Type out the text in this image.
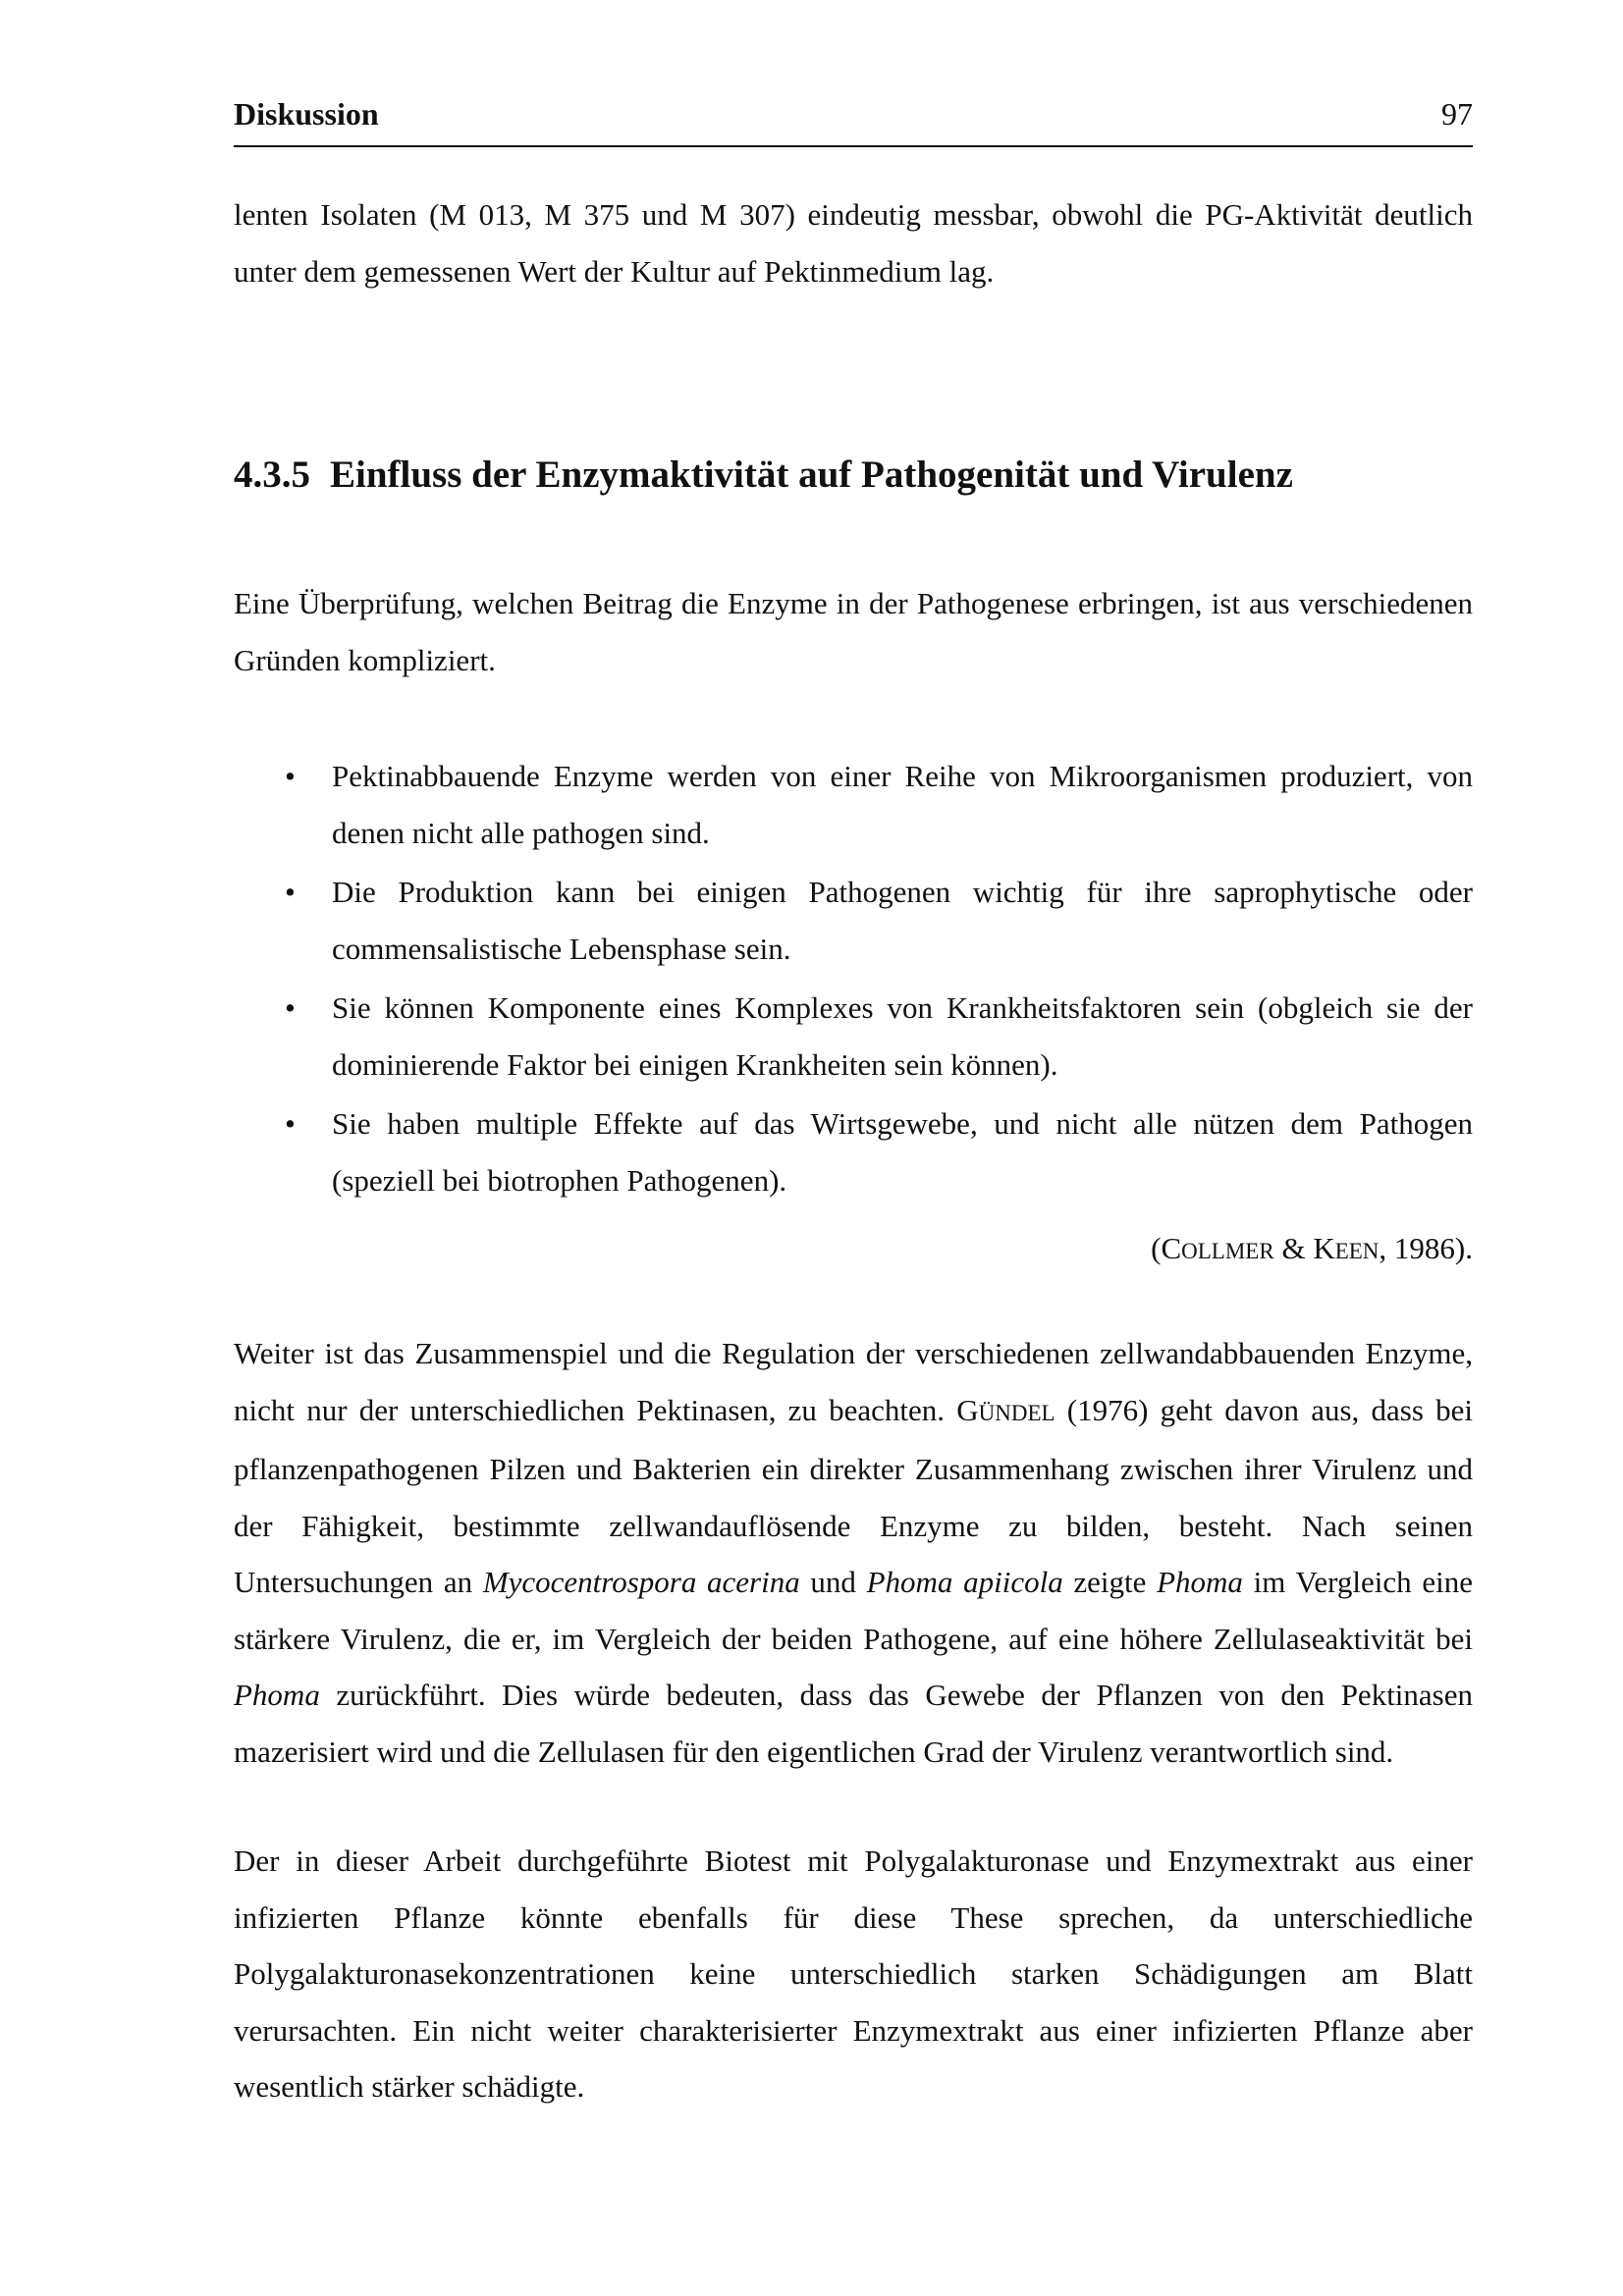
Diskussion	97

lenten Isolaten (M 013, M 375 und M 307) eindeutig messbar, obwohl die PG-Aktivität deutlich unter dem gemessenen Wert der Kultur auf Pektinmedium lag.

4.3.5 Einfluss der Enzymaktivität auf Pathogenität und Virulenz

Eine Überprüfung, welchen Beitrag die Enzyme in der Pathogenese erbringen, ist aus verschiedenen Gründen kompliziert.

• Pektinabbauende Enzyme werden von einer Reihe von Mikroorganismen produziert, von denen nicht alle pathogen sind.
• Die Produktion kann bei einigen Pathogenen wichtig für ihre saprophytische oder commensalistische Lebensphase sein.
• Sie können Komponente eines Komplexes von Krankheitsfaktoren sein (obgleich sie der dominierende Faktor bei einigen Krankheiten sein können).
• Sie haben multiple Effekte auf das Wirtsgewebe, und nicht alle nützen dem Pathogen (speziell bei biotrophen Pathogenen).
(COLLMER & KEEN, 1986).

Weiter ist das Zusammenspiel und die Regulation der verschiedenen zellwandabbauenden Enzyme, nicht nur der unterschiedlichen Pektinasen, zu beachten. GÜNDEL (1976) geht davon aus, dass bei pflanzenpathogenen Pilzen und Bakterien ein direkter Zusammenhang zwischen ihrer Virulenz und der Fähigkeit, bestimmte zellwandauflösende Enzyme zu bilden, besteht. Nach seinen Untersuchungen an Mycocentrospora acerina und Phoma apiicola zeigte Phoma im Vergleich eine stärkere Virulenz, die er, im Vergleich der beiden Pathogene, auf eine höhere Zellulaseaktivität bei Phoma zurückführt. Dies würde bedeuten, dass das Gewebe der Pflanzen von den Pektinasen mazerisiert wird und die Zellulasen für den eigentlichen Grad der Virulenz verantwortlich sind.

Der in dieser Arbeit durchgeführte Biotest mit Polygalakturonase und Enzymextrakt aus einer infizierten Pflanze könnte ebenfalls für diese These sprechen, da unterschiedliche Polygalakturonasekonzentrationen keine unterschiedlich starken Schädigungen am Blatt verursachten. Ein nicht weiter charakterisierter Enzymextrakt aus einer infizierten Pflanze aber wesentlich stärker schädigte.
